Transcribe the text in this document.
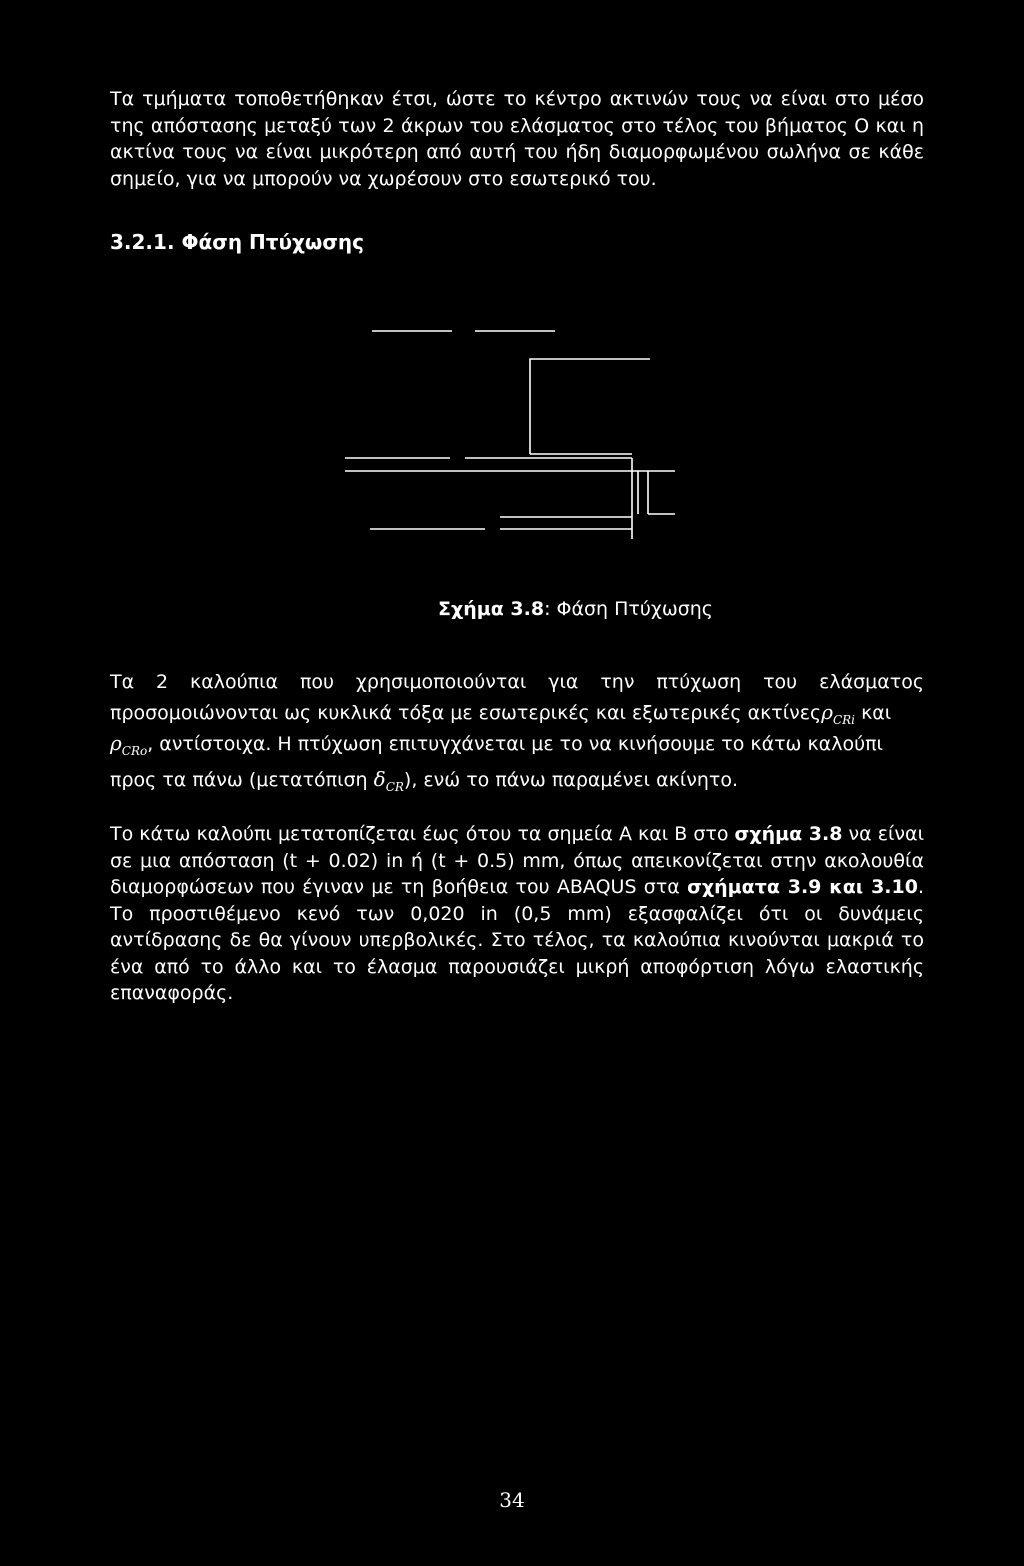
Τα τμήματα τοποθετήθηκαν έτσι, ώστε το κέντρο ακτινών τους να είναι στο μέσο της απόστασης μεταξύ των 2 άκρων του ελάσματος στο τέλος του βήματος Ο και η ακτίνα τους να είναι μικρότερη από αυτή του ήδη διαμορφωμένου σωλήνα σε κάθε σημείο, για να μπορούν να χωρέσουν στο εσωτερικό του.

3.2.1. Φάση Πτύχωσης
Σχήμα 3.8: Φάση Πτύχωσης
Τα 2 καλούπια που χρησιμοποιούνται για την πτύχωση του ελάσματος
προσομοιώνονται ως κυκλικά τόξα με εσωτερικές και εξωτερικές ακτίνεςρ$_{CRi}$ και
$\rho_{CRo}$, αντίστοιχα. Η πτύχωση επιτυγχάνεται με το να κινήσουμε το κάτω καλούπι
προς τα πάνω (μετατόπιση $\delta_{CR}$), ενώ το πάνω παραμένει ακίνητο.

Το κάτω καλούπι μετατοπίζεται έως ότου τα σημεία Α και Β στο σχήμα 3.8 να είναι σε μια απόσταση (t + 0.02) in ή (t + 0.5) mm, όπως απεικονίζεται στην ακολουθία διαμορφώσεων που έγιναν με τη βοήθεια του ABAQUS στα σχήματα 3.9 και 3.10. Το προστιθέμενο κενό των 0,020 in (0,5 mm) εξασφαλίζει ότι οι δυνάμεις αντίδρασης δε θα γίνουν υπερβολικές. Στο τέλος, τα καλούπια κινούνται μακριά το ένα από το άλλο και το έλασμα παρουσιάζει μικρή αποφόρτιση λόγω ελαστικής επαναφοράς.

34
